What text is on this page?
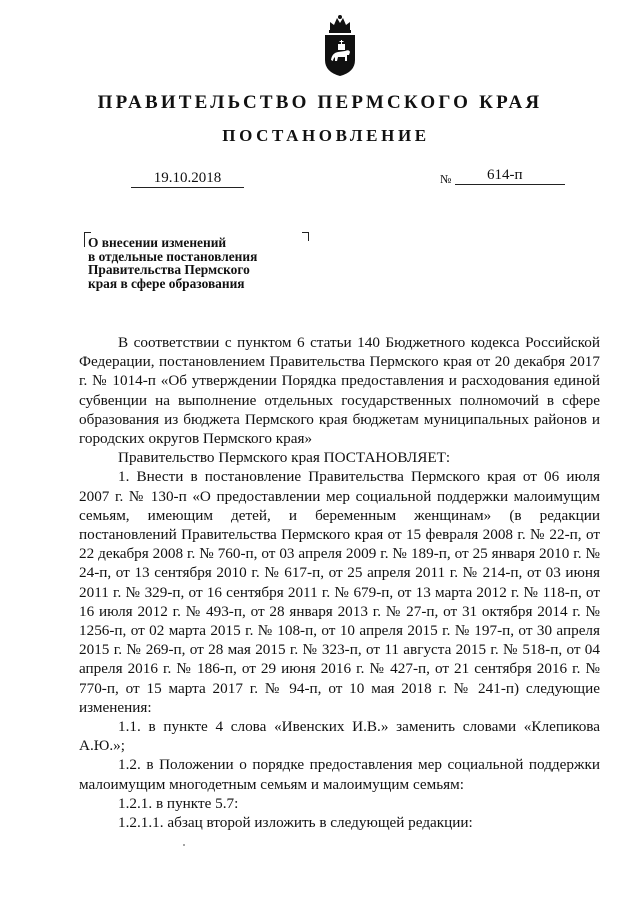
ПРАВИТЕЛЬСТВО ПЕРМСКОГО КРАЯ
ПОСТАНОВЛЕНИЕ
19.10.2018	№	614-п
О внесении изменений
в отдельные постановления
Правительства Пермского
края в сфере образования

В соответствии с пунктом 6 статьи 140 Бюджетного кодекса Российской Федерации, постановлением Правительства Пермского края от 20 декабря 2017 г. № 1014-п «Об утверждении Порядка предоставления и расходования единой субвенции на выполнение отдельных государственных полномочий в сфере образования из бюджета Пермского края бюджетам муниципальных районов и городских округов Пермского края»

Правительство Пермского края ПОСТАНОВЛЯЕТ:

1. Внести в постановление Правительства Пермского края от 06 июля 2007 г. № 130-п «О предоставлении мер социальной поддержки малоимущим семьям, имеющим детей, и беременным женщинам» (в редакции постановлений Правительства Пермского края от 15 февраля 2008 г. № 22-п, от 22 декабря 2008 г. № 760-п, от 03 апреля 2009 г. № 189-п, от 25 января 2010 г. № 24-п, от 13 сентября 2010 г. № 617-п, от 25 апреля 2011 г. № 214-п, от 03 июня 2011 г. № 329-п, от 16 сентября 2011 г. № 679-п, от 13 марта 2012 г. № 118-п, от 16 июля 2012 г. № 493-п, от 28 января 2013 г. № 27-п, от 31 октября 2014 г. № 1256-п, от 02 марта 2015 г. № 108-п, от 10 апреля 2015 г. № 197-п, от 30 апреля 2015 г. № 269-п, от 28 мая 2015 г. № 323-п, от 11 августа 2015 г. № 518-п, от 04 апреля 2016 г. № 186-п, от 29 июня 2016 г. № 427-п, от 21 сентября 2016 г. № 770-п, от 15 марта 2017 г. № 94-п, от 10 мая 2018 г. № 241-п) следующие изменения:

1.1. в пункте 4 слова «Ивенских И.В.» заменить словами «Клепикова А.Ю.»;

1.2. в Положении о порядке предоставления мер социальной поддержки малоимущим многодетным семьям и малоимущим семьям:

1.2.1. в пункте 5.7:

1.2.1.1. абзац второй изложить в следующей редакции:
